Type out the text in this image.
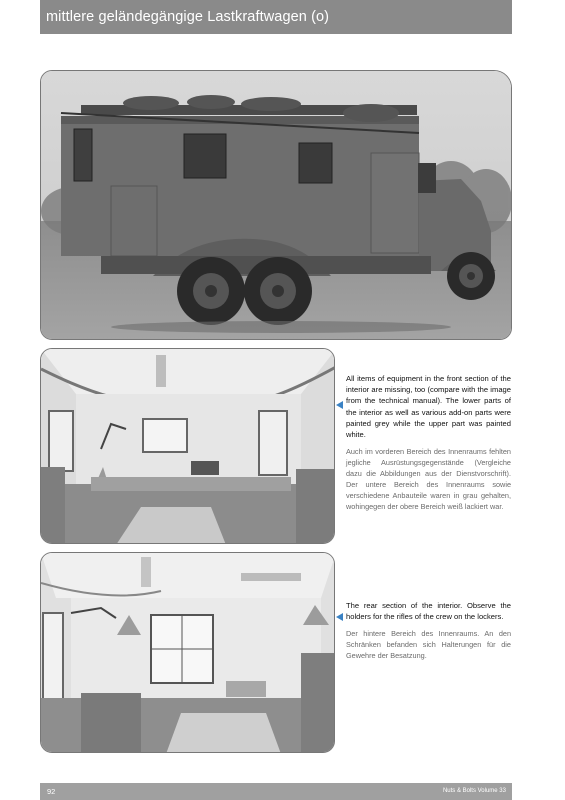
mittlere geländegängige Lastkraftwagen (o)

All items of equipment in the front section of the interior are missing, too (compare with the image from the technical manual). The lower parts of the interior as well as various add-on parts were painted grey while the upper part was painted white.

Auch im vorderen Bereich des Innenraums fehlten jegliche Ausrüstungsgegenstände (Vergleiche dazu die Abbildungen aus der Dienstvorschrift). Der untere Bereich des Innenraums sowie verschiedene Anbauteile waren in grau gehalten, wohingegen der obere Bereich weiß lackiert war.

The rear section of the interior. Observe the holders for the rifles of the crew on the lockers.

Der hintere Bereich des Innenraums. An den Schränken befanden sich Halterungen für die Gewehre der Besatzung.

92	Nuts & Bolts Volume 33
